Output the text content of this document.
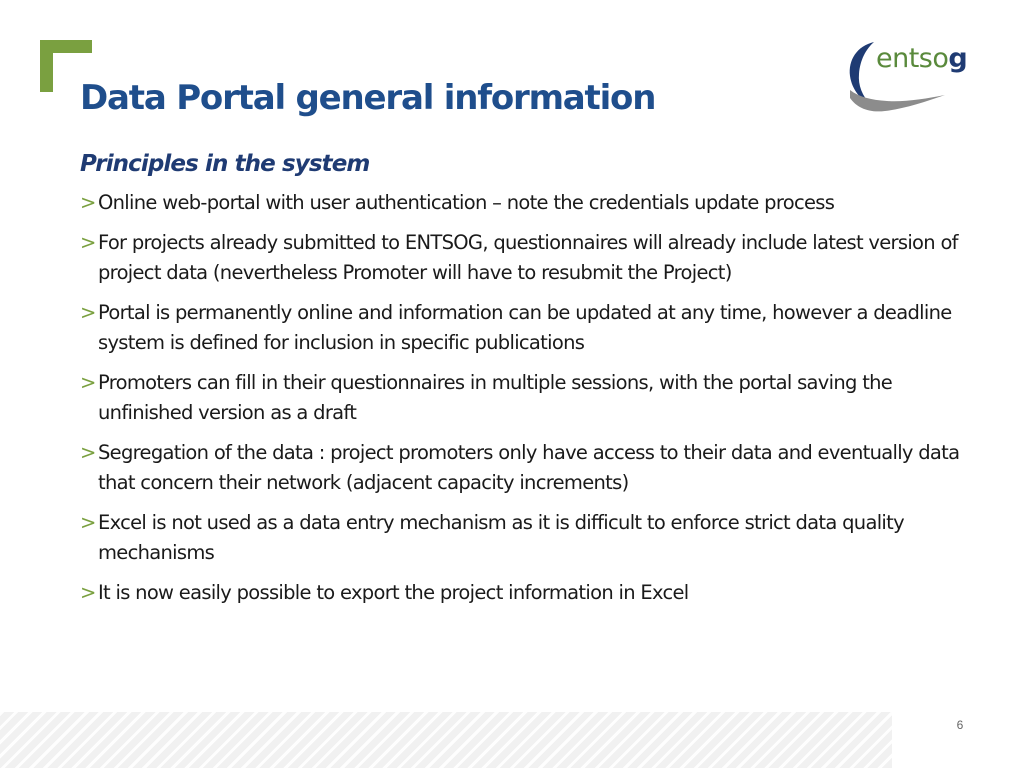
Data Portal general information
entsog
Principles in the system
> Online web-portal with user authentication – note the credentials update process
> For projects already submitted to ENTSOG, questionnaires will already include latest version of project data (nevertheless Promoter will have to resubmit the Project)
> Portal is permanently online and information can be updated at any time, however a deadline system is defined for inclusion in specific publications
> Promoters can fill in their questionnaires in multiple sessions, with the portal saving the unfinished version as a draft
> Segregation of the data : project promoters only have access to their data and eventually data that concern their network (adjacent capacity increments)
> Excel is not used as a data entry mechanism as it is difficult to enforce strict data quality mechanisms
> It is now easily possible to export the project information in Excel
6
